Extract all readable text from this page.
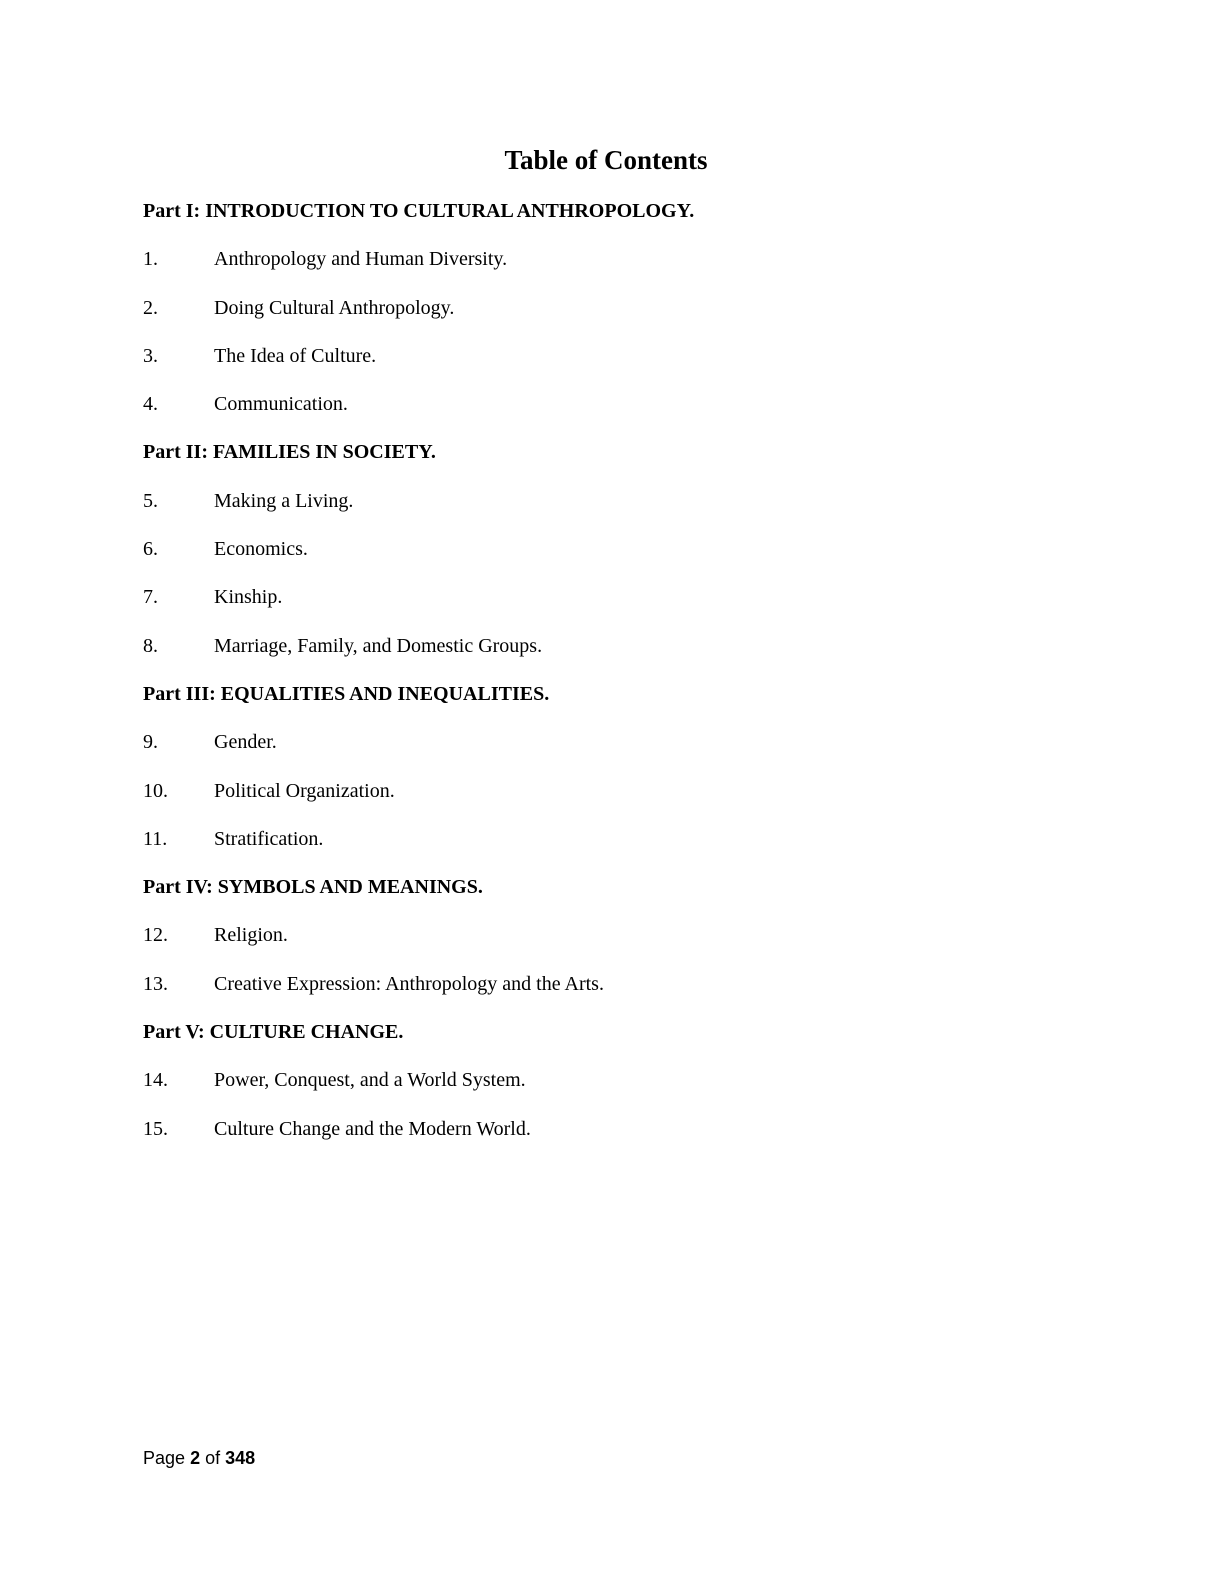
Table of Contents
Part I: INTRODUCTION TO CULTURAL ANTHROPOLOGY.
1.	Anthropology and Human Diversity.
2.	Doing Cultural Anthropology.
3.	The Idea of Culture.
4.	Communication.
Part II: FAMILIES IN SOCIETY.
5.	Making a Living.
6.	Economics.
7.	Kinship.
8.	Marriage, Family, and Domestic Groups.
Part III: EQUALITIES AND INEQUALITIES.
9.	Gender.
10.	Political Organization.
11.	Stratification.
Part IV: SYMBOLS AND MEANINGS.
12.	Religion.
13.	Creative Expression: Anthropology and the Arts.
Part V: CULTURE CHANGE.
14.	Power, Conquest, and a World System.
15.	Culture Change and the Modern World.
Page 2 of 348
